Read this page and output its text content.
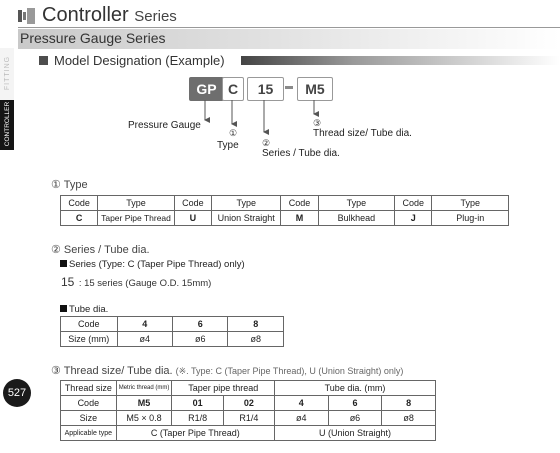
Controller Series
Pressure Gauge Series
FITTING
CONTROLLER
527
Model Designation (Example)
GP C	15	M5
Pressure Gauge
①
Type	②
Series / Tube dia.
③
Thread size/ Tube dia.
① Type
Code	Type	Code	Type	Code	Type	Code	Type
C	Taper Pipe Thread	U	Union Straight	M	Bulkhead	J	Plug-in
② Series / Tube dia.
Series (Type: C (Taper Pipe Thread) only)
15 : 15 series (Gauge O.D. 15mm)
Tube dia.
Code	4	6	8
Size (mm)	ø4	ø6	ø8
③ Thread size/ Tube dia. (※. Type: C (Taper Pipe Thread), U (Union Straight) only)
Thread size	Metric thread (mm)	Taper pipe thread		Tube dia. (mm)		
Code	M5	01	02	4	6	8
Size	M5 × 0.8	R1/8	R1/4	ø4	ø6	ø8
Applicable type	C (Taper Pipe Thread)			U (Union Straight)		
